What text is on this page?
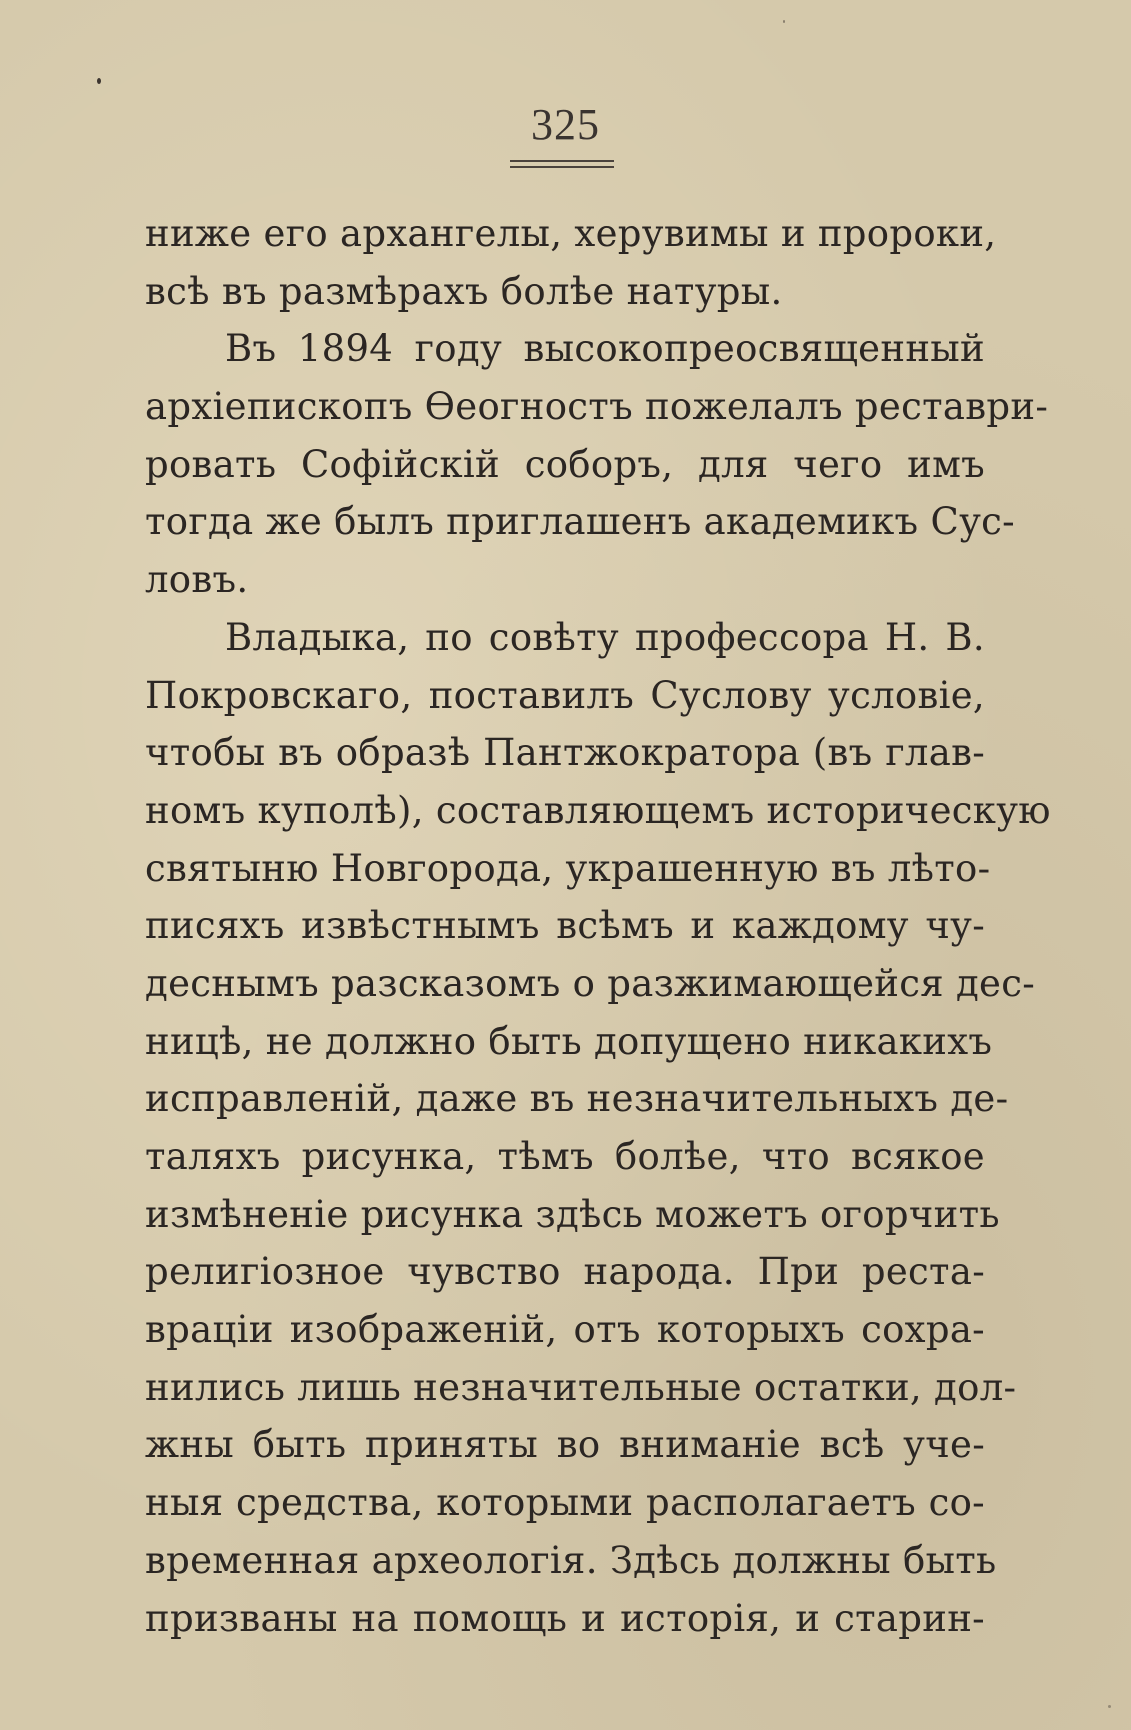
325
ниже его архангелы, херувимы и пророки,
всѣ въ размѣрахъ болѣе натуры.
Въ 1894 году высокопреосвященный
архіепископъ Ѳеогностъ пожелалъ реставри-
ровать Софійскій соборъ, для чего имъ
тогда же былъ приглашенъ академикъ Сус-
ловъ.
Владыка, по совѣту профессора Н. В.
Покровскаго, поставилъ Суслову условіе,
чтобы въ образѣ Пантжократора (въ глав-
номъ куполѣ), составляющемъ историческую
святыню Новгорода, украшенную въ лѣто-
писяхъ извѣстнымъ всѣмъ и каждому чу-
деснымъ разсказомъ о разжимающейся дес-
ницѣ, не должно быть допущено никакихъ
исправленій, даже въ незначительныхъ де-
таляхъ рисунка, тѣмъ болѣе, что всякое
измѣненіе рисунка здѣсь можетъ огорчить
религіозное чувство народа. При реста-
враціи изображеній, отъ которыхъ сохра-
нились лишь незначительные остатки, дол-
жны быть приняты во вниманіе всѣ уче-
ныя средства, которыми располагаетъ со-
временная археологія. Здѣсь должны быть
призваны на помощь и исторія, и старин-
